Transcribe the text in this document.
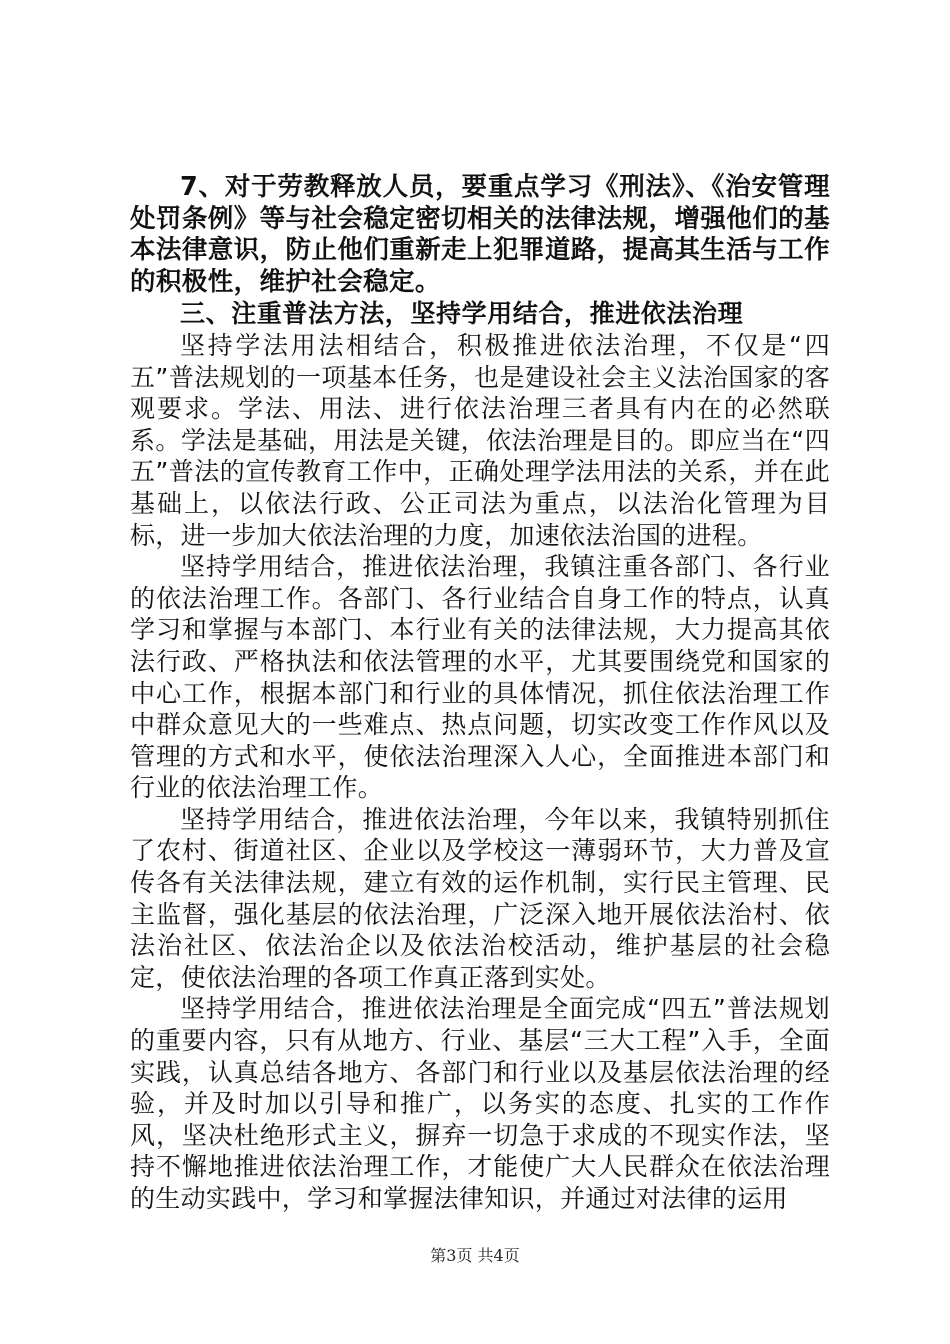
7、对于劳教释放人员，要重点学习《刑法》、《治安管理处罚条例》等与社会稳定密切相关的法律法规，增强他们的基本法律意识，防止他们重新走上犯罪道路，提高其生活与工作的积极性，维护社会稳定。

三、注重普法方法，坚持学用结合，推进依法治理

坚持学法用法相结合，积极推进依法治理，不仅是“四五”普法规划的一项基本任务，也是建设社会主义法治国家的客观要求。学法、用法、进行依法治理三者具有内在的必然联系。学法是基础，用法是关键，依法治理是目的。即应当在“四五”普法的宣传教育工作中，正确处理学法用法的关系，并在此基础上，以依法行政、公正司法为重点，以法治化管理为目标，进一步加大依法治理的力度，加速依法治国的进程。

坚持学用结合，推进依法治理，我镇注重各部门、各行业的依法治理工作。各部门、各行业结合自身工作的特点，认真学习和掌握与本部门、本行业有关的法律法规，大力提高其依法行政、严格执法和依法管理的水平，尤其要围绕党和国家的中心工作，根据本部门和行业的具体情况，抓住依法治理工作中群众意见大的一些难点、热点问题，切实改变工作作风以及管理的方式和水平，使依法治理深入人心，全面推进本部门和行业的依法治理工作。

坚持学用结合，推进依法治理，今年以来，我镇特别抓住了农村、街道社区、企业以及学校这一薄弱环节，大力普及宣传各有关法律法规，建立有效的运作机制，实行民主管理、民主监督，强化基层的依法治理，广泛深入地开展依法治村、依法治社区、依法治企以及依法治校活动，维护基层的社会稳定，使依法治理的各项工作真正落到实处。

坚持学用结合，推进依法治理是全面完成“四五”普法规划的重要内容，只有从地方、行业、基层“三大工程”入手，全面实践，认真总结各地方、各部门和行业以及基层依法治理的经验，并及时加以引导和推广，以务实的态度、扎实的工作作风，坚决杜绝形式主义，摒弃一切急于求成的不现实作法，坚持不懈地推进依法治理工作，才能使广大人民群众在依法治理的生动实践中，学习和掌握法律知识，并通过对法律的运用

第3页 共4页
